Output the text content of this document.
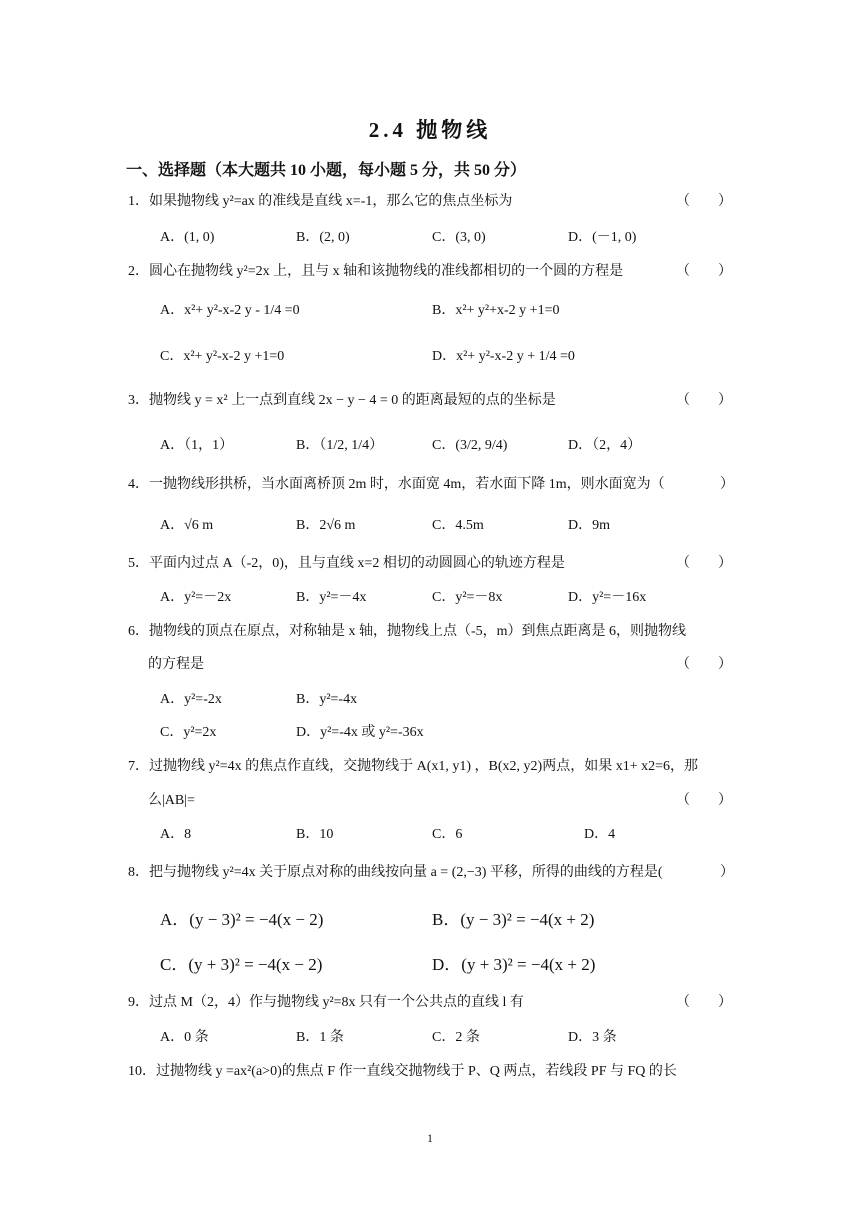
2.4 抛物线
一、选择题（本大题共 10 小题，每小题 5 分，共 50 分）
1．如果抛物线 y²=ax 的准线是直线 x=-1，那么它的焦点坐标为	（　　）
A．(1, 0)	B．(2, 0)	C．(3, 0)	D．(－1, 0)
2．圆心在抛物线 y²=2x 上，且与 x 轴和该抛物线的准线都相切的一个圆的方程是	（　　）
A．x²+ y²-x-2 y - 1/4 =0	B．x²+ y²+x-2 y +1=0
C．x²+ y²-x-2 y +1=0	D．x²+ y²-x-2 y + 1/4 =0
3．抛物线 y = x² 上一点到直线 2x − y − 4 = 0 的距离最短的点的坐标是	（　　）
A．（1，1）	B．（1/2, 1/4）	C．(3/2, 9/4)	D．（2，4）
4．一抛物线形拱桥，当水面离桥顶 2m 时，水面宽 4m，若水面下降 1m，则水面宽为（	）
A．√6 m	B．2√6 m	C．4.5m	D．9m
5．平面内过点 A（-2，0)，且与直线 x=2 相切的动圆圆心的轨迹方程是	（　　）
A．y²=－2x	B．y²=－4x	C．y²=－8x	D．y²=－16x
6．抛物线的顶点在原点，对称轴是 x 轴，抛物线上点（-5，m）到焦点距离是 6，则抛物线
的方程是	（　　）
A．y²=-2x	B．y²=-4x
C．y²=2x	D．y²=-4x 或 y²=-36x
7．过抛物线 y²=4x 的焦点作直线，交抛物线于 A(x1, y1) ，B(x2, y2)两点，如果 x1+ x2=6，那
么|AB|=	（　　）
A．8	B．10	C．6	D．4
8．把与抛物线 y²=4x 关于原点对称的曲线按向量 a = (2,−3) 平移，所得的曲线的方程是(	）
A．(y − 3)² = −4(x − 2)	B．(y − 3)² = −4(x + 2)
C．(y + 3)² = −4(x − 2)	D．(y + 3)² = −4(x + 2)
9．过点 M（2，4）作与抛物线 y²=8x 只有一个公共点的直线 l 有	（　　）
A．0 条	B．1 条	C．2 条	D．3 条
10．过抛物线 y =ax²(a>0)的焦点 F 作一直线交抛物线于 P、Q 两点，若线段 PF 与 FQ 的长
1
